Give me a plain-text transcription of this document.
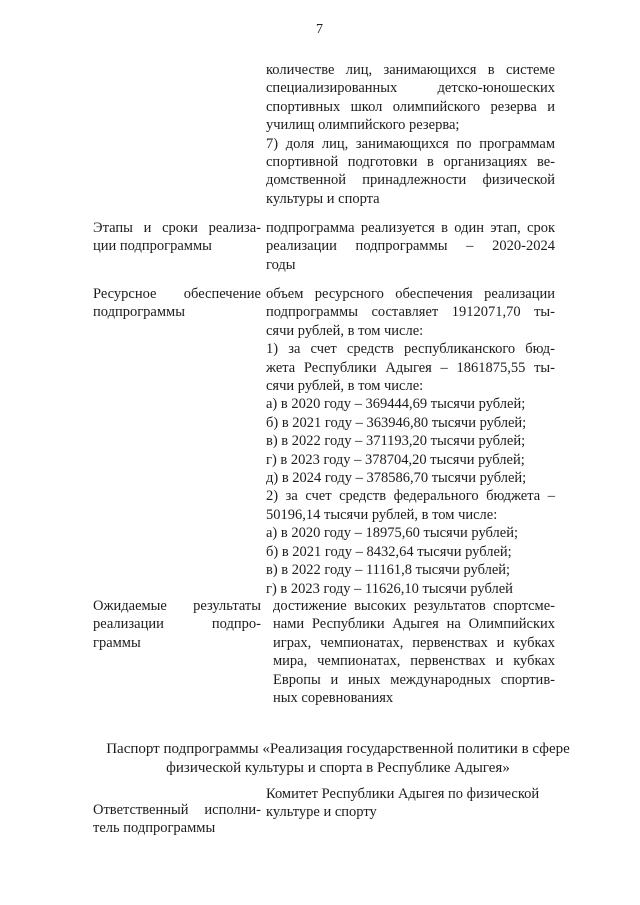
7
количестве лиц, занимающихся в системе
специализированных детско-юношеских
спортивных школ олимпийского резерва и
училищ олимпийского резерва;
7) доля лиц, занимающихся по программам
спортивной подготовки в организациях ве-
домственной принадлежности физической
культуры и спорта
Этапы и сроки реализа-
ции подпрограммы
подпрограмма реализуется в один этап, срок
реализации подпрограммы – 2020-2024
годы
Ресурсное обеспечение
подпрограммы
объем ресурсного обеспечения реализации
подпрограммы составляет 1912071,70 ты-
сячи рублей, в том числе:
1) за счет средств республиканского бюд-
жета Республики Адыгея – 1861875,55 ты-
сячи рублей, в том числе:
а) в 2020 году – 369444,69 тысячи рублей;
б) в 2021 году – 363946,80 тысячи рублей;
в) в 2022 году – 371193,20 тысячи рублей;
г) в 2023 году – 378704,20 тысячи рублей;
д) в 2024 году – 378586,70 тысячи рублей;
2) за счет средств федерального бюджета –
50196,14 тысячи рублей, в том числе:
а) в 2020 году – 18975,60 тысячи рублей;
б) в 2021 году – 8432,64 тысячи рублей;
в) в 2022 году – 11161,8 тысячи рублей;
г) в 2023 году – 11626,10 тысячи рублей
Ожидаемые результаты
реализации подпро-
граммы
достижение высоких результатов спортсме-
нами Республики Адыгея на Олимпийских
играх, чемпионатах, первенствах и кубках
мира, чемпионатах, первенствах и кубках
Европы и иных международных спортив-
ных соревнованиях
Паспорт подпрограммы «Реализация государственной политики в сфере
физической культуры и спорта в Республике Адыгея»
Ответственный исполни-
тель подпрограммы
Комитет Республики Адыгея по физической
культуре и спорту
